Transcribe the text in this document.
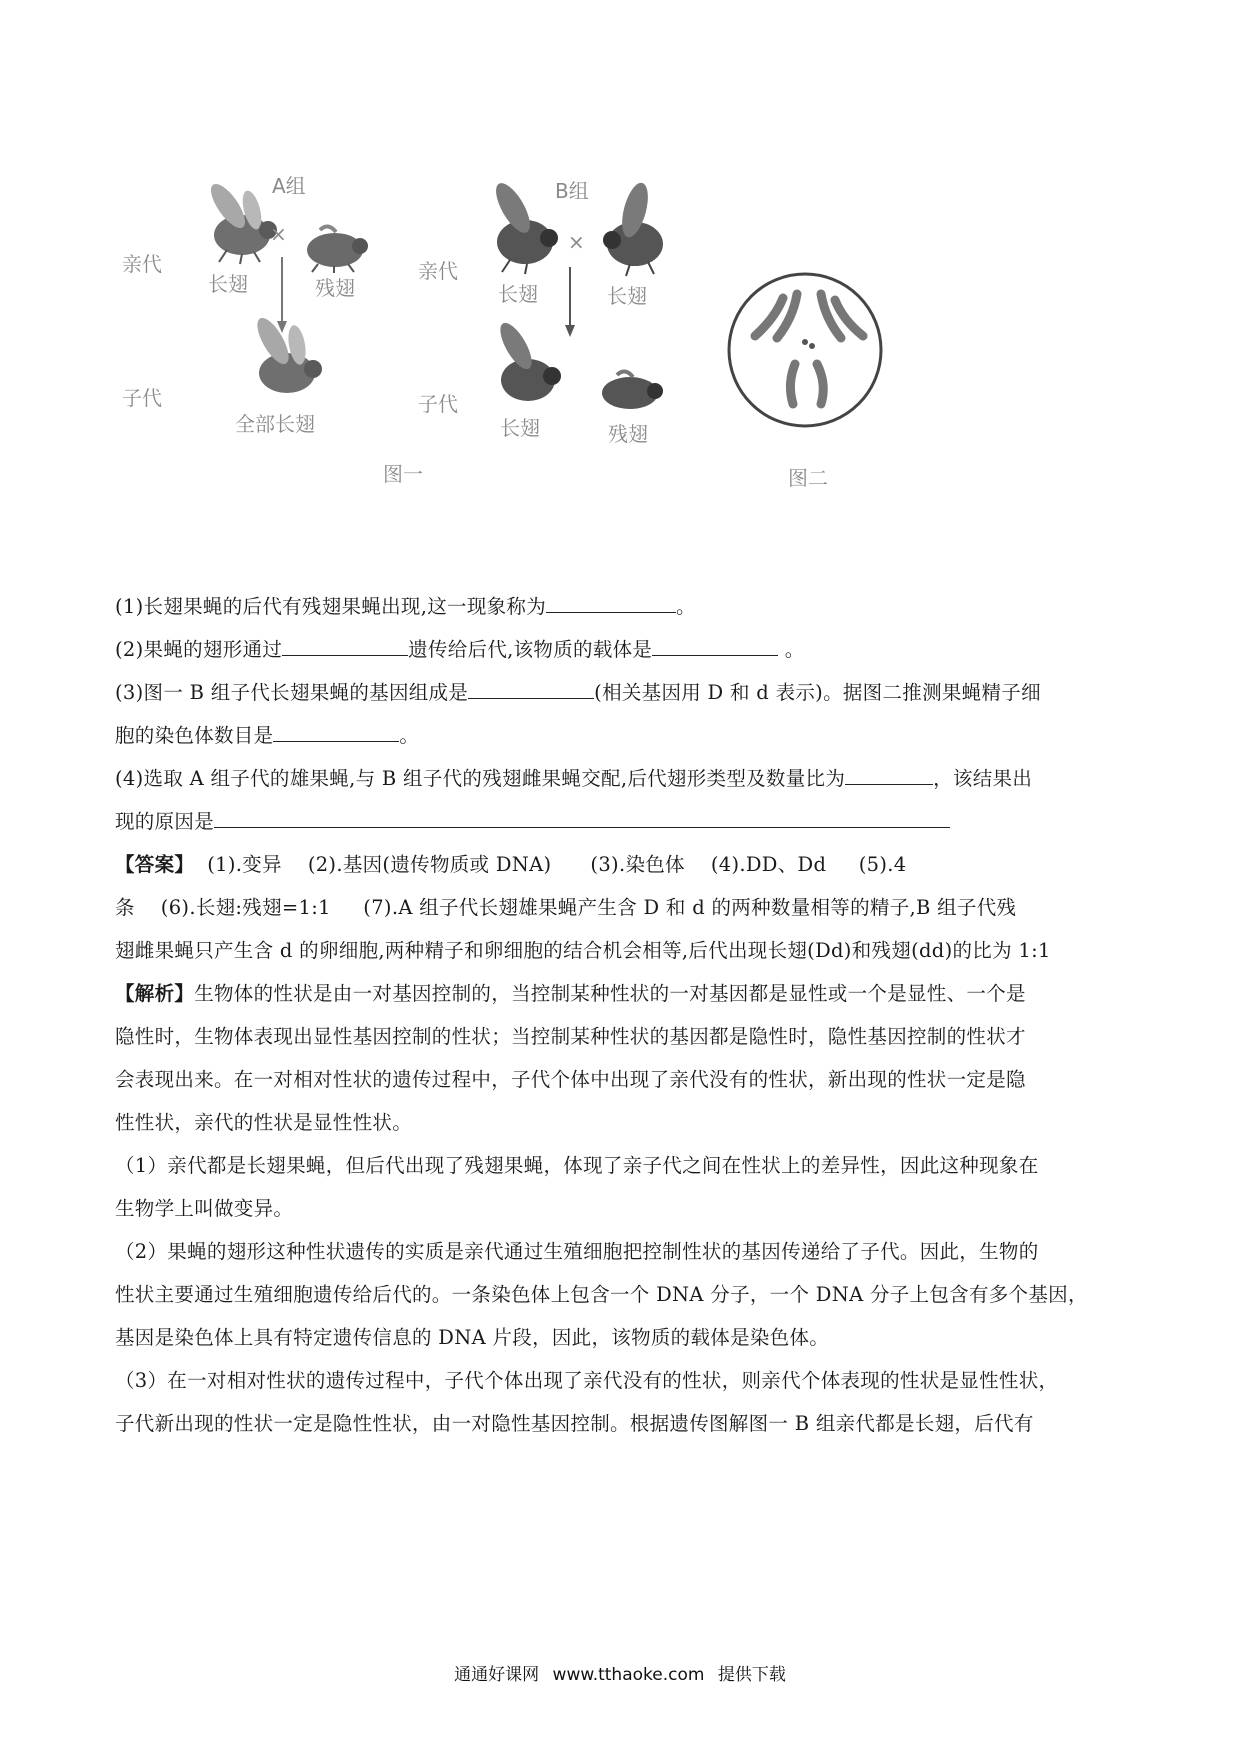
A组
亲代
子代
×
长翅	残翅
全部长翅
图一
B组
亲代
子代
×
长翅	长翅
长翅	残翅
图二
(1)长翅果蝇的后代有残翅果蝇出现,这一现象称为	。
(2)果蝇的翅形通过	遗传给后代,该物质的载体是	。
(3)图一 B 组子代长翅果蝇的基因组成是	(相关基因用 D 和 d 表示)。据图二推测果蝇精子细
胞的染色体数目是	。
(4)选取 A 组子代的雄果蝇,与 B 组子代的残翅雌果蝇交配,后代翅形类型及数量比为	，该结果出
现的原因是
【答案】  (1).变异    (2).基因(遗传物质或 DNA)      (3).染色体    (4).DD、Dd     (5).4
条    (6).长翅:残翅=1:1     (7).A 组子代长翅雄果蝇产生含 D 和 d 的两种数量相等的精子,B 组子代残
翅雌果蝇只产生含 d 的卵细胞,两种精子和卵细胞的结合机会相等,后代出现长翅(Dd)和残翅(dd)的比为 1:1
【解析】生物体的性状是由一对基因控制的，当控制某种性状的一对基因都是显性或一个是显性、一个是
隐性时，生物体表现出显性基因控制的性状；当控制某种性状的基因都是隐性时，隐性基因控制的性状才
会表现出来。在一对相对性状的遗传过程中，子代个体中出现了亲代没有的性状，新出现的性状一定是隐
性性状，亲代的性状是显性性状。
（1）亲代都是长翅果蝇，但后代出现了残翅果蝇，体现了亲子代之间在性状上的差异性，因此这种现象在
生物学上叫做变异。
（2）果蝇的翅形这种性状遗传的实质是亲代通过生殖细胞把控制性状的基因传递给了子代。因此，生物的
性状主要通过生殖细胞遗传给后代的。一条染色体上包含一个 DNA 分子，一个 DNA 分子上包含有多个基因，
基因是染色体上具有特定遗传信息的 DNA 片段，因此，该物质的载体是染色体。
（3）在一对相对性状的遗传过程中，子代个体出现了亲代没有的性状，则亲代个体表现的性状是显性性状，
子代新出现的性状一定是隐性性状，由一对隐性基因控制。根据遗传图解图一 B 组亲代都是长翅，后代有
通通好课网 www.tthaoke.com 提供下载
